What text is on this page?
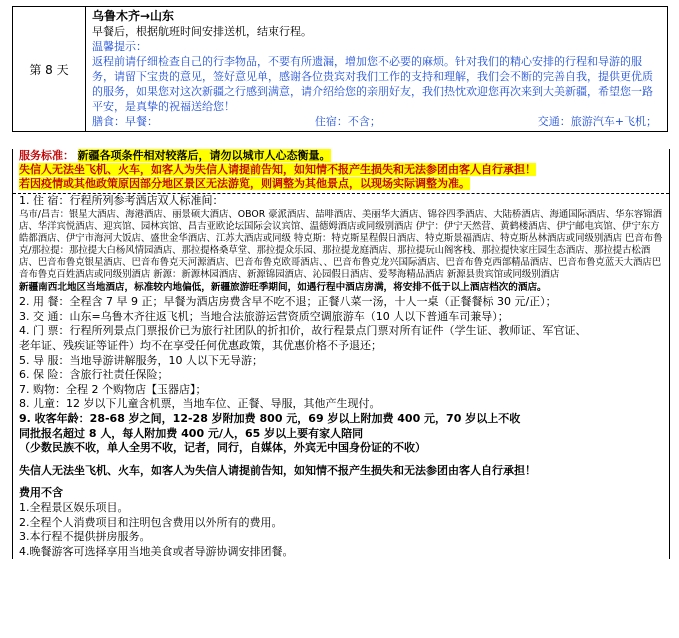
第 8 天	
乌鲁木齐→山东
早餐后，根据航班时间安排送机，结束行程。
温馨提示：
返程前请仔细检查自己的行李物品，不要有所遗漏，增加您不必要的麻烦。针对我们的精心安排的行程和导游的服务，请留下宝贵的意见，签好意见单，感谢各位贵宾对我们工作的支持和理解，我们会不断的完善自我，提供更优质的服务，如果您对这次新疆之行感到满意，请介绍给您的亲朋好友，我们热忱欢迎您再次来到大美新疆，希望您一路平安，是真挚的祝福送给您！
膳食：早餐：	住宿：不含；	交通：旅游汽车+飞机；
服务标准： 新疆各项条件相对较落后，请勿以城市人心态衡量。
失信人无法坐飞机、火车，如客人为失信人请提前告知，如知情不报产生损失和无法参团由客人自行承担！
若因疫情或其他政策原因部分地区景区无法游览，则调整为其他景点，以现场实际调整为准。
1. 住 宿：行程所列参考酒店双人标准间：
乌市/昌吉：银星大酒店、海港酒店、丽景硕大酒店、OBOR 豪派酒店、喆啡酒店、美丽华大酒店、锦谷四季酒店、大陆桥酒店、海通国际酒店、华东容锦酒店、华洋宾悦酒店、迎宾馆、园林宾馆、昌吉亚欧论坛国际会议宾馆、温德姆酒店或同级别酒店 伊宁：伊宁天然营、黄鹤楼酒店、伊宁邮电宾馆、伊宁东方皓都酒店、伊宁市海河大饭店、盛世金华酒店、江苏大酒店或同级 特克斯：特克斯星程假日酒店、特克斯景福酒店、特克斯丛林酒店或同级别酒店 巴音布鲁克/那拉提：那拉提大白杨风情园酒店、那拉提格桑草堂、那拉提众乐园、那拉提龙庭酒店、那拉提玩山阁客栈、那拉提快家庄园生态酒店、那拉提古松酒店、巴音布鲁克银星酒店、巴音布鲁克天河源酒店、巴音布鲁克欧哥酒店、、巴音布鲁克龙兴国际酒店、巴音布鲁克西部精品酒店、巴音布鲁克蓝天大酒店巴音布鲁克百姓酒店或同级别酒店 新源：新源林园酒店、新源锦园酒店、沁园假日酒店、爱琴海精品酒店 新源县贵宾馆或同级别酒店
新疆南西北地区当地酒店，标准较内地偏低，新疆旅游旺季期间，如遇行程中酒店房满，将安排不低于以上酒店档次的酒店。
2. 用 餐：全程含 7 早 9 正；早餐为酒店房费含早不吃不退；正餐八菜一汤，十人一桌（正餐餐标 30 元/正）；
3. 交 通：山东=乌鲁木齐往返飞机；当地合法旅游运营资质空调旅游车（10 人以下普通车司兼导）；
4. 门 票：行程所列景点门票报价已为旅行社团队的折扣价，故行程景点门票对所有证件（学生证、教师证、军官证、
老年证、残疾证等证件）均不在享受任何优惠政策，其优惠价格不予退还；
5. 导 服：当地导游讲解服务，10 人以下无导游；
6. 保 险：含旅行社责任保险；
7. 购物：全程 2 个购物店【玉器店】；
8. 儿童：12 岁以下儿童含机票，当地车位、正餐、导服，其他产生现付。
9. 收客年龄：28-68 岁之间，12-28 岁附加费 800 元，69 岁以上附加费 400 元，70 岁以上不收
同批报名超过 8 人，每人附加费 400 元/人，65 岁以上要有家人陪同
（少数民族不收，单人全男不收，记者，同行，自媒体，外宾无中国身份证的不收）
失信人无法坐飞机、火车，如客人为失信人请提前告知，如知情不报产生损失和无法参团由客人自行承担！
费用不含
1.全程景区娱乐项目。
2.全程个人消费项目和注明包含费用以外所有的费用。
3.本行程不提供拼房服务。
4.晚餐游客可选择享用当地美食或者导游协调安排团餐。
